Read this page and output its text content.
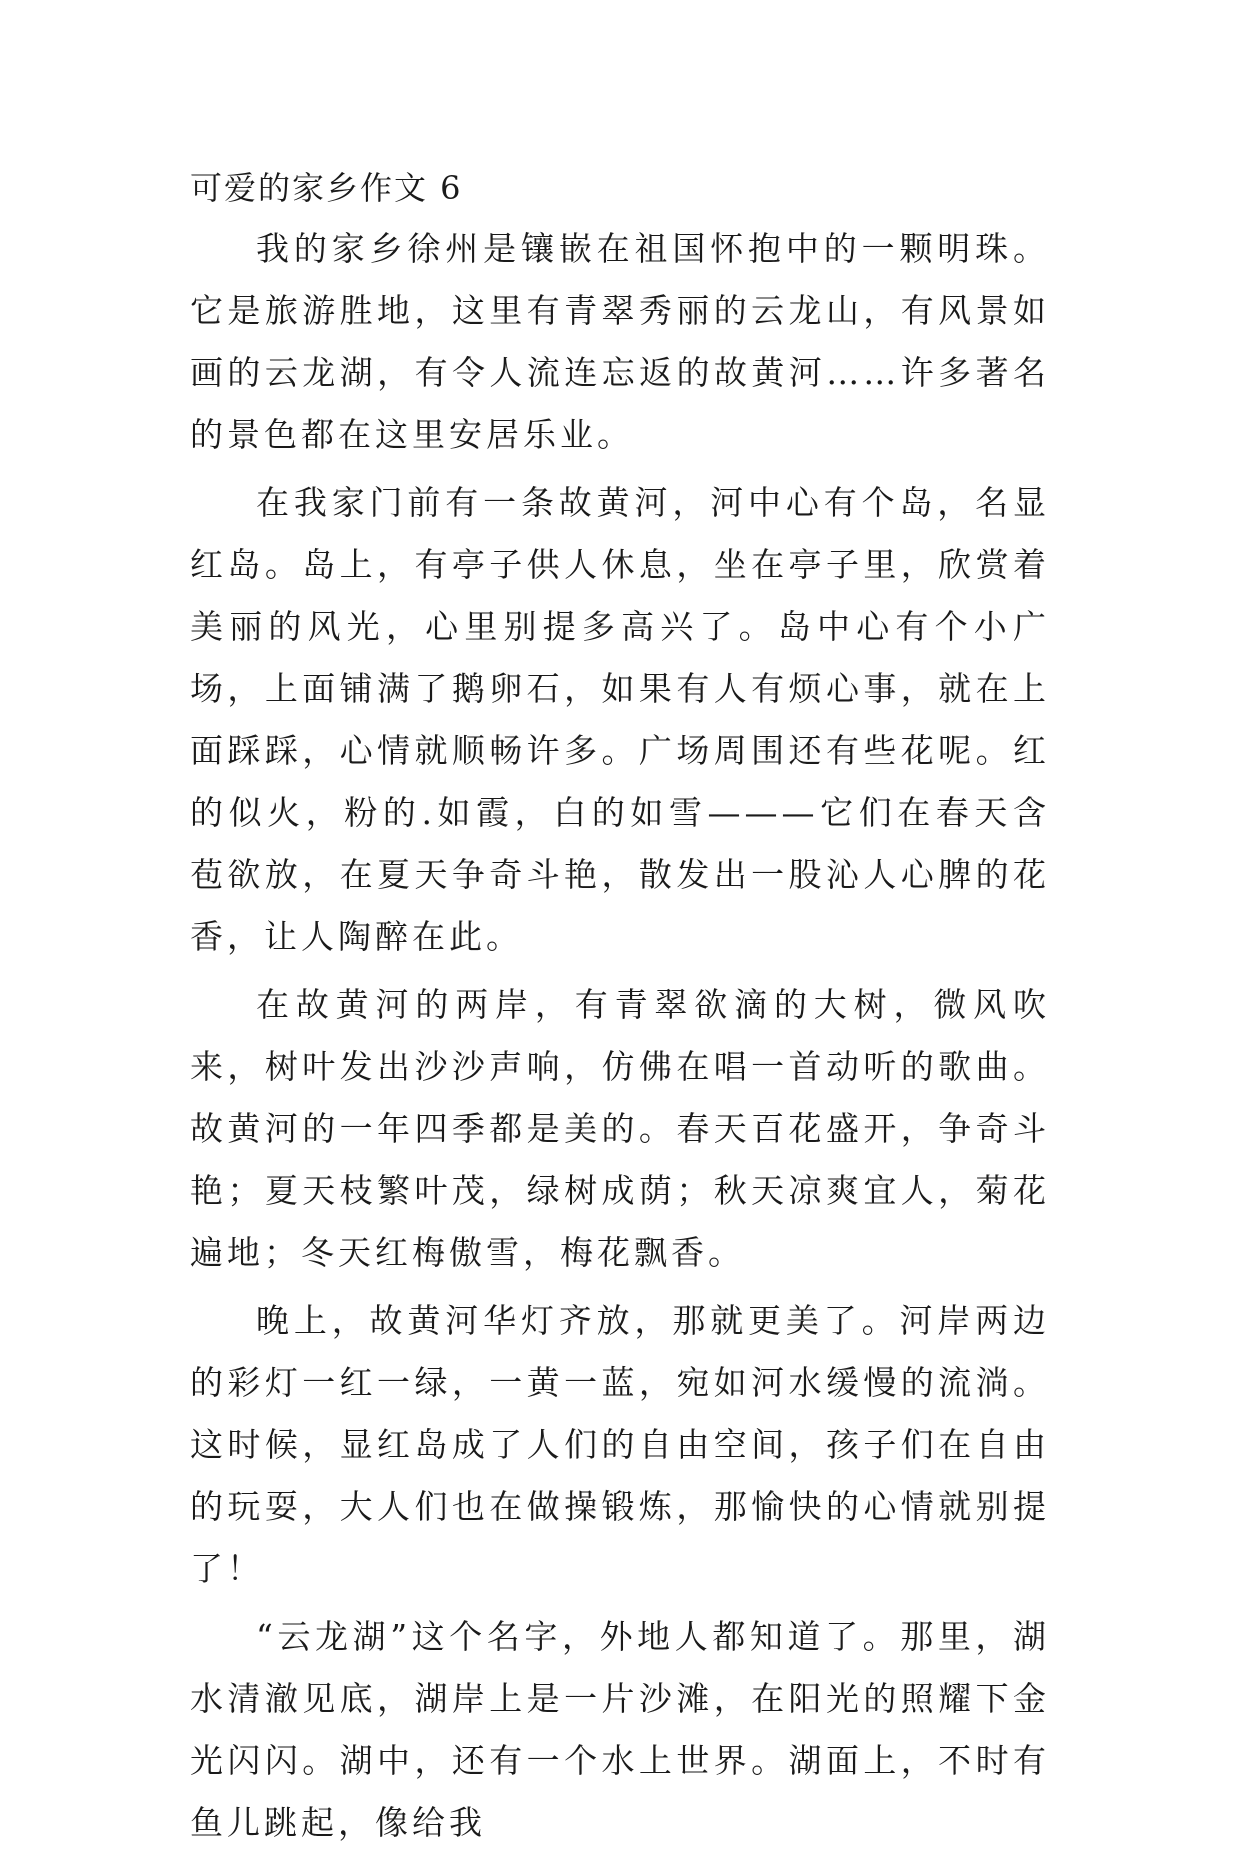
可爱的家乡作文 6

我的家乡徐州是镶嵌在祖国怀抱中的一颗明珠。它是旅游胜地，这里有青翠秀丽的云龙山，有风景如画的云龙湖，有令人流连忘返的故黄河……许多著名的景色都在这里安居乐业。

在我家门前有一条故黄河，河中心有个岛，名显红岛。岛上，有亭子供人休息，坐在亭子里，欣赏着美丽的风光，心里别提多高兴了。岛中心有个小广场，上面铺满了鹅卵石，如果有人有烦心事，就在上面踩踩，心情就顺畅许多。广场周围还有些花呢。红的似火，粉的.如霞，白的如雪———它们在春天含苞欲放，在夏天争奇斗艳，散发出一股沁人心脾的花香，让人陶醉在此。

在故黄河的两岸，有青翠欲滴的大树，微风吹来，树叶发出沙沙声响，仿佛在唱一首动听的歌曲。故黄河的一年四季都是美的。春天百花盛开，争奇斗艳；夏天枝繁叶茂，绿树成荫；秋天凉爽宜人，菊花遍地；冬天红梅傲雪，梅花飘香。

晚上，故黄河华灯齐放，那就更美了。河岸两边的彩灯一红一绿，一黄一蓝，宛如河水缓慢的流淌。这时候，显红岛成了人们的自由空间，孩子们在自由的玩耍，大人们也在做操锻炼，那愉快的心情就别提了！

“云龙湖”这个名字，外地人都知道了。那里，湖水清澈见底，湖岸上是一片沙滩，在阳光的照耀下金光闪闪。湖中，还有一个水上世界。湖面上，不时有鱼儿跳起，像给我
